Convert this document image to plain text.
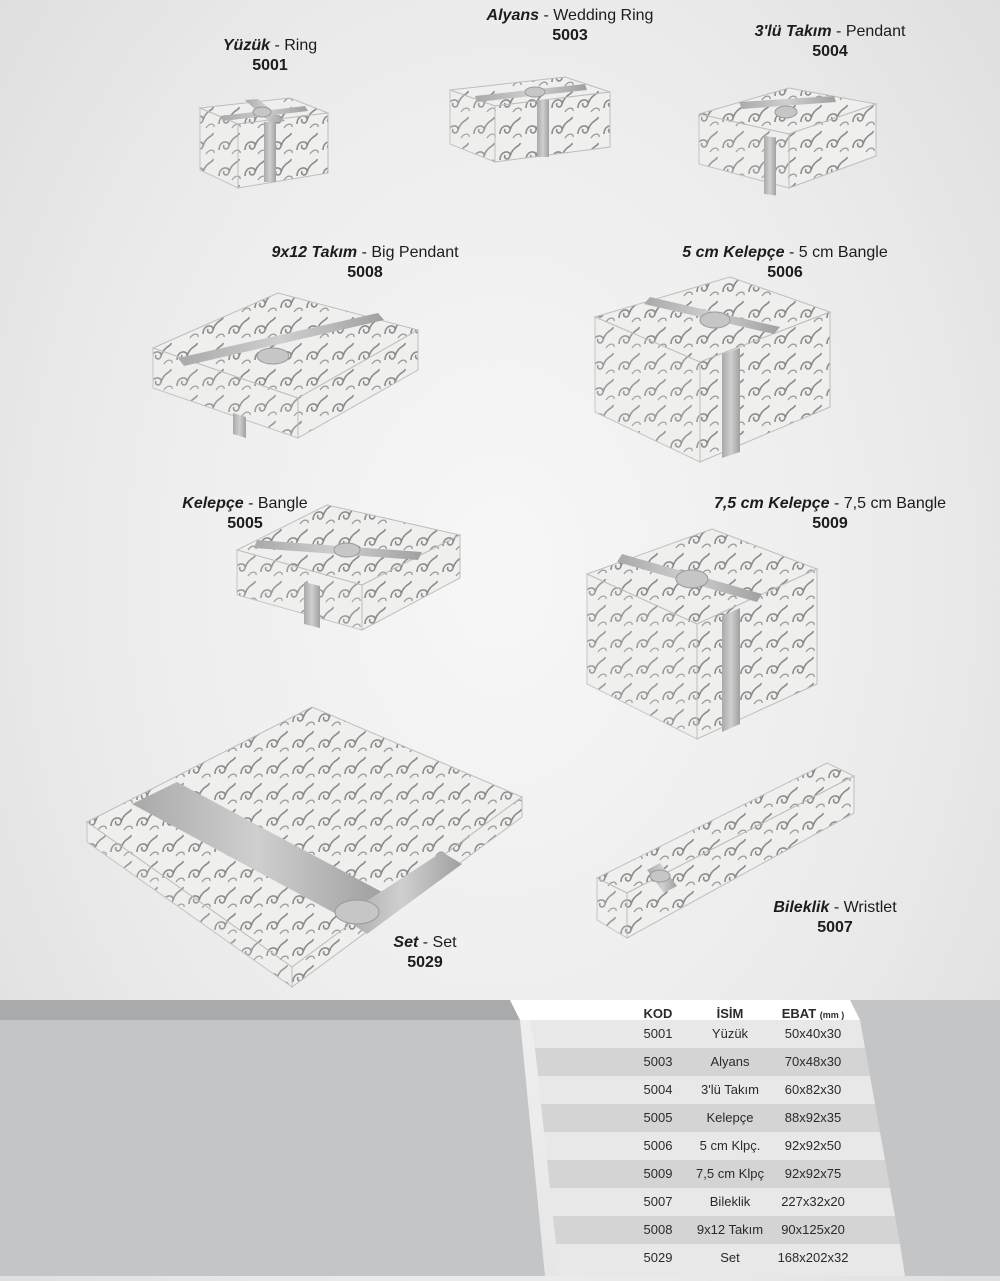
Yüzük - Ring
5001
Alyans - Wedding Ring
5003	3'lü Takım - Pendant
5004
9x12 Takım - Big Pendant
5008
5 cm Kelepçe - 5 cm Bangle
5006
Kelepçe - Bangle
5005
7,5 cm Kelepçe - 7,5 cm Bangle
5009
Set - Set
5029
Bileklik - Wristlet
5007
KOD	İSİM	EBAT (mm )
5001	Yüzük	50x40x30
5003	Alyans	70x48x30
5004	3'lü Takım	60x82x30
5005	Kelepçe	88x92x35
5006	5 cm Klpç.	92x92x50
5009	7,5 cm Klpç	92x92x75
5007	Bileklik	227x32x20
5008	9x12 Takım	90x125x20
5029	Set	168x202x32
